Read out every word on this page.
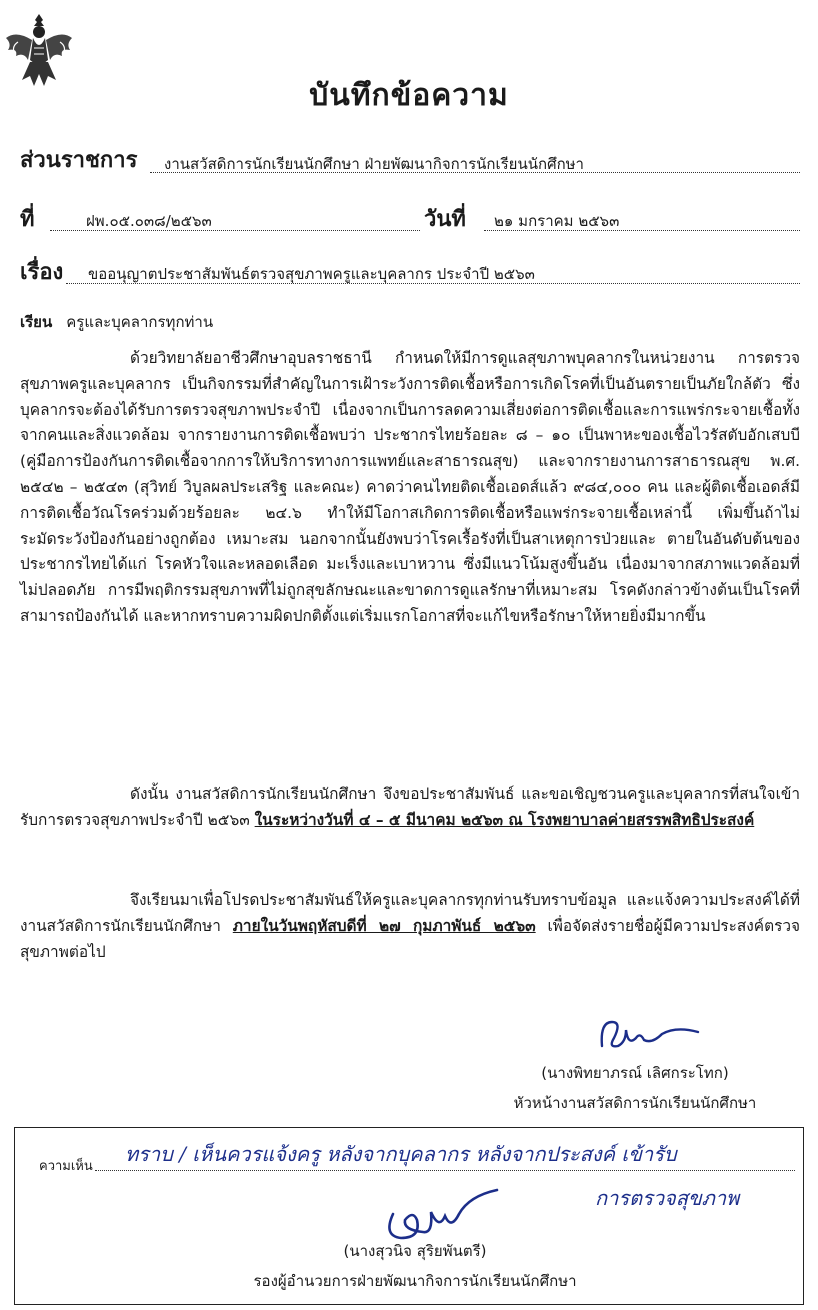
บันทึกข้อความ
ส่วนราชการ งานสวัสดิการนักเรียนนักศึกษา ฝ่ายพัฒนากิจการนักเรียนนักศึกษา
ที่	ฝพ.๐๕.๐๓๘/๒๕๖๓	วันที่ ๒๑ มกราคม ๒๕๖๓
เรื่อง ขออนุญาตประชาสัมพันธ์ตรวจสุขภาพครูและบุคลากร ประจำปี ๒๕๖๓
เรียน ครูและบุคลากรทุกท่าน
ด้วยวิทยาลัยอาชีวศึกษาอุบลราชธานี กำหนดให้มีการดูแลสุขภาพบุคลากรในหน่วยงาน การตรวจสุขภาพครูและบุคลากร เป็นกิจกรรมที่สำคัญในการเฝ้าระวังการติดเชื้อหรือการเกิดโรคที่เป็นอันตรายเป็นภัยใกล้ตัว ซึ่งบุคลากรจะต้องได้รับการตรวจสุขภาพประจำปี เนื่องจากเป็นการลดความเสี่ยงต่อการติดเชื้อและการแพร่กระจายเชื้อทั้งจากคนและสิ่งแวดล้อม จากรายงานการติดเชื้อพบว่า ประชากรไทยร้อยละ ๘ – ๑๐ เป็นพาหะของเชื้อไวรัสตับอักเสบบี (คู่มือการป้องกันการติดเชื้อจากการให้บริการทางการแพทย์และสาธารณสุข) และจากรายงานการสาธารณสุข พ.ศ. ๒๕๔๒ – ๒๕๔๓ (สุวิทย์ วิบูลผลประเสริฐ และคณะ) คาดว่าคนไทยติดเชื้อเอดส์แล้ว ๙๘๔,๐๐๐ คน และผู้ติดเชื้อเอดส์มีการติดเชื้อวัณโรคร่วมด้วยร้อยละ ๒๔.๖ ทำให้มีโอกาสเกิดการติดเชื้อหรือแพร่กระจายเชื้อเหล่านี้ เพิ่มขึ้นถ้าไม่ระมัดระวังป้องกันอย่างถูกต้อง เหมาะสม นอกจากนั้นยังพบว่าโรคเรื้อรังที่เป็นสาเหตุการป่วยและ ตายในอันดับต้นของประชากรไทยได้แก่ โรคหัวใจและหลอดเลือด มะเร็งและเบาหวาน ซึ่งมีแนวโน้มสูงขึ้นอัน เนื่องมาจากสภาพแวดล้อมที่ไม่ปลอดภัย การมีพฤติกรรมสุขภาพที่ไม่ถูกสุขลักษณะและขาดการดูแลรักษาที่เหมาะสม โรคดังกล่าวข้างต้นเป็นโรคที่สามารถป้องกันได้ และหากทราบความผิดปกติตั้งแต่เริ่มแรกโอกาสที่จะแก้ไขหรือรักษาให้หายยิ่งมีมากขึ้น
ดังนั้น งานสวัสดิการนักเรียนนักศึกษา จึงขอประชาสัมพันธ์ และขอเชิญชวนครูและบุคลากรที่สนใจเข้ารับการตรวจสุขภาพประจำปี ๒๕๖๓ ในระหว่างวันที่ ๔ – ๕ มีนาคม ๒๕๖๓ ณ โรงพยาบาลค่ายสรรพสิทธิประสงค์
จึงเรียนมาเพื่อโปรดประชาสัมพันธ์ให้ครูและบุคลากรทุกท่านรับทราบข้อมูล และแจ้งความประสงค์ได้ที่งานสวัสดิการนักเรียนนักศึกษา ภายในวันพฤหัสบดีที่ ๒๗ กุมภาพันธ์ ๒๕๖๓ เพื่อจัดส่งรายชื่อผู้มีความประสงค์ตรวจสุขภาพต่อไป
(นางพิทยาภรณ์ เลิศกระโทก)
หัวหน้างานสวัสดิการนักเรียนนักศึกษา
ความเห็น
ทราบ / เห็นควรแจ้งครู หลังจากบุคลากร หลังจากประสงค์ เข้ารับ
การตรวจสุขภาพ
(นางสุวนิจ สุริยพันตรี)
รองผู้อำนวยการฝ่ายพัฒนากิจการนักเรียนนักศึกษา
